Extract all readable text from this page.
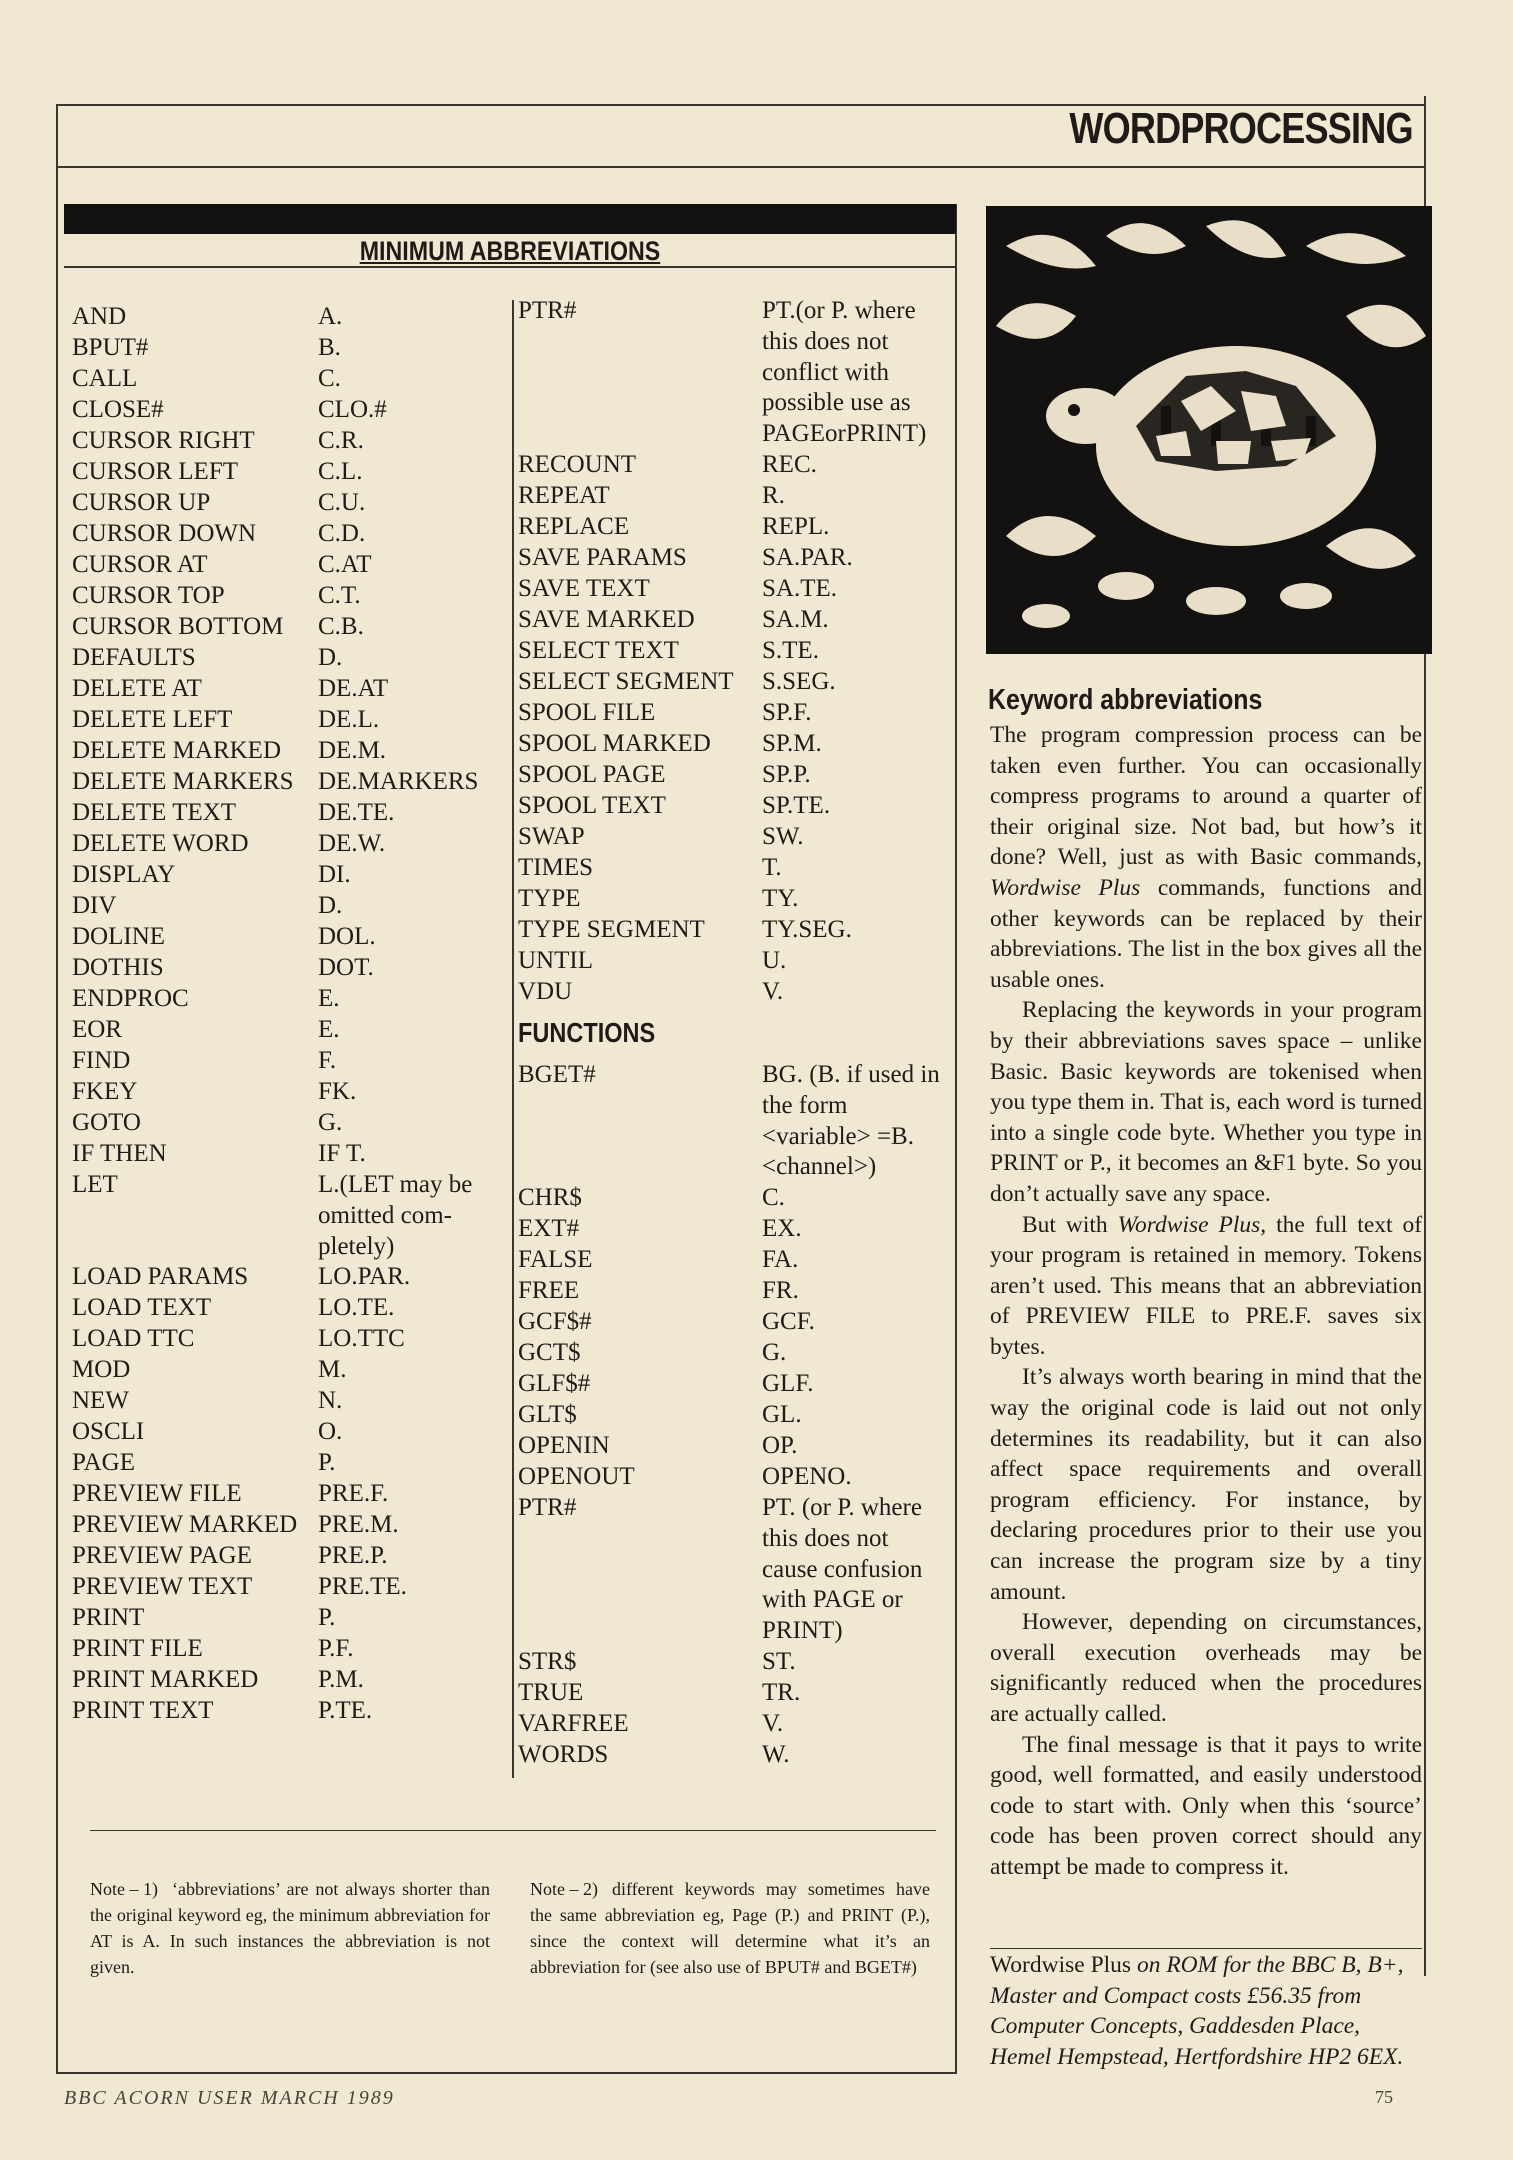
WORDPROCESSING
MINIMUM ABBREVIATIONS
AND	A.
BPUT#	B.
CALL	C.
CLOSE#	CLO.#
CURSOR RIGHT	C.R.
CURSOR LEFT	C.L.
CURSOR UP	C.U.
CURSOR DOWN C.D.
CURSOR AT	C.AT
CURSOR TOP	C.T.
CURSOR BOTTOM C.B.
DEFAULTS	D.
DELETE AT	DE.AT
DELETE LEFT	DE.L.
DELETE MARKED DE.M.
DELETE MARKERS DE.MARKERS
DELETE TEXT	DE.TE.
DELETE WORD	DE.W.
DISPLAY	DI.
DIV	D.
DOLINE	DOL.
DOTHIS	DOT.
ENDPROC	E.
EOR	E.
FIND	F.
FKEY	FK.
GOTO	G.
IF THEN	IF T.
LET	L.(LET may be omitted com-pletely)
LOAD PARAMS	LO.PAR.
LOAD TEXT	LO.TE.
LOAD TTC	LO.TTC
MOD	M.
NEW	N.
OSCLI	O.
PAGE	P.
PREVIEW FILE	PRE.F.
PREVIEW MARKED PRE.M.
PREVIEW PAGE	PRE.P.
PREVIEW TEXT	PRE.TE.
PRINT	P.
PRINT FILE	P.F.
PRINT MARKED P.M.
PRINT TEXT	P.TE.
PTR#	PT.(or P. where this does not conflict with possible use as PAGEorPRINT)
RECOUNT	REC.
REPEAT	R.
REPLACE	REPL.
SAVE PARAMS	SA.PAR.
SAVE TEXT	SA.TE.
SAVE MARKED	SA.M.
SELECT TEXT	S.TE.
SELECT SEGMENT S.SEG.
SPOOL FILE	SP.F.
SPOOL MARKED SP.M.
SPOOL PAGE	SP.P.
SPOOL TEXT	SP.TE.
SWAP	SW.
TIMES	T.
TYPE	TY.
TYPE SEGMENT TY.SEG.
UNTIL	U.
VDU	V.
FUNCTIONS
BGET#	BG. (B. if used in the form <variable> =B. <channel>)
CHR$	C.
EXT#	EX.
FALSE	FA.
FREE	FR.
GCF$#	GCF.
GCT$	G.
GLF$#	GLF.
GLT$	GL.
OPENIN	OP.
OPENOUT	OPENO.
PTR#	PT. (or P. where this does not cause confusion with PAGE or PRINT)
STR$	ST.
TRUE	TR.
VARFREE	V.
WORDS	W.
Note – 1) ‘abbreviations’ are not always shorter than the original keyword eg, the minimum abbreviation for AT is A. In such instances the abbreviation is not given.
Note – 2) different keywords may sometimes have the same abbreviation eg, Page (P.) and PRINT (P.), since the context will determine what it’s an abbreviation for (see also use of BPUT# and BGET#)
Keyword abbreviations

The program compression process can be taken even further. You can occasionally compress programs to around a quarter of their original size. Not bad, but how’s it done? Well, just as with Basic commands, Wordwise Plus commands, functions and other keywords can be replaced by their abbreviations. The list in the box gives all the usable ones.

Replacing the keywords in your program by their abbreviations saves space – unlike Basic. Basic keywords are tokenised when you type them in. That is, each word is turned into a single code byte. Whether you type in PRINT or P., it becomes an &F1 byte. So you don’t actually save any space.

But with Wordwise Plus, the full text of your program is retained in memory. Tokens aren’t used. This means that an abbreviation of PREVIEW FILE to PRE.F. saves six bytes.

It’s always worth bearing in mind that the way the original code is laid out not only determines its readability, but it can also affect space requirements and overall program efficiency. For instance, by declaring procedures prior to their use you can increase the program size by a tiny amount.

However, depending on circumstances, overall execution overheads may be significantly reduced when the procedures are actually called.

The final message is that it pays to write good, well formatted, and easily understood code to start with. Only when this ‘source’ code has been proven correct should any attempt be made to compress it.

Wordwise Plus on ROM for the BBC B, B+, Master and Compact costs £56.35 from Computer Concepts, Gaddesden Place, Hemel Hempstead, Hertfordshire HP2 6EX.
BBC ACORN USER MARCH 1989	75
